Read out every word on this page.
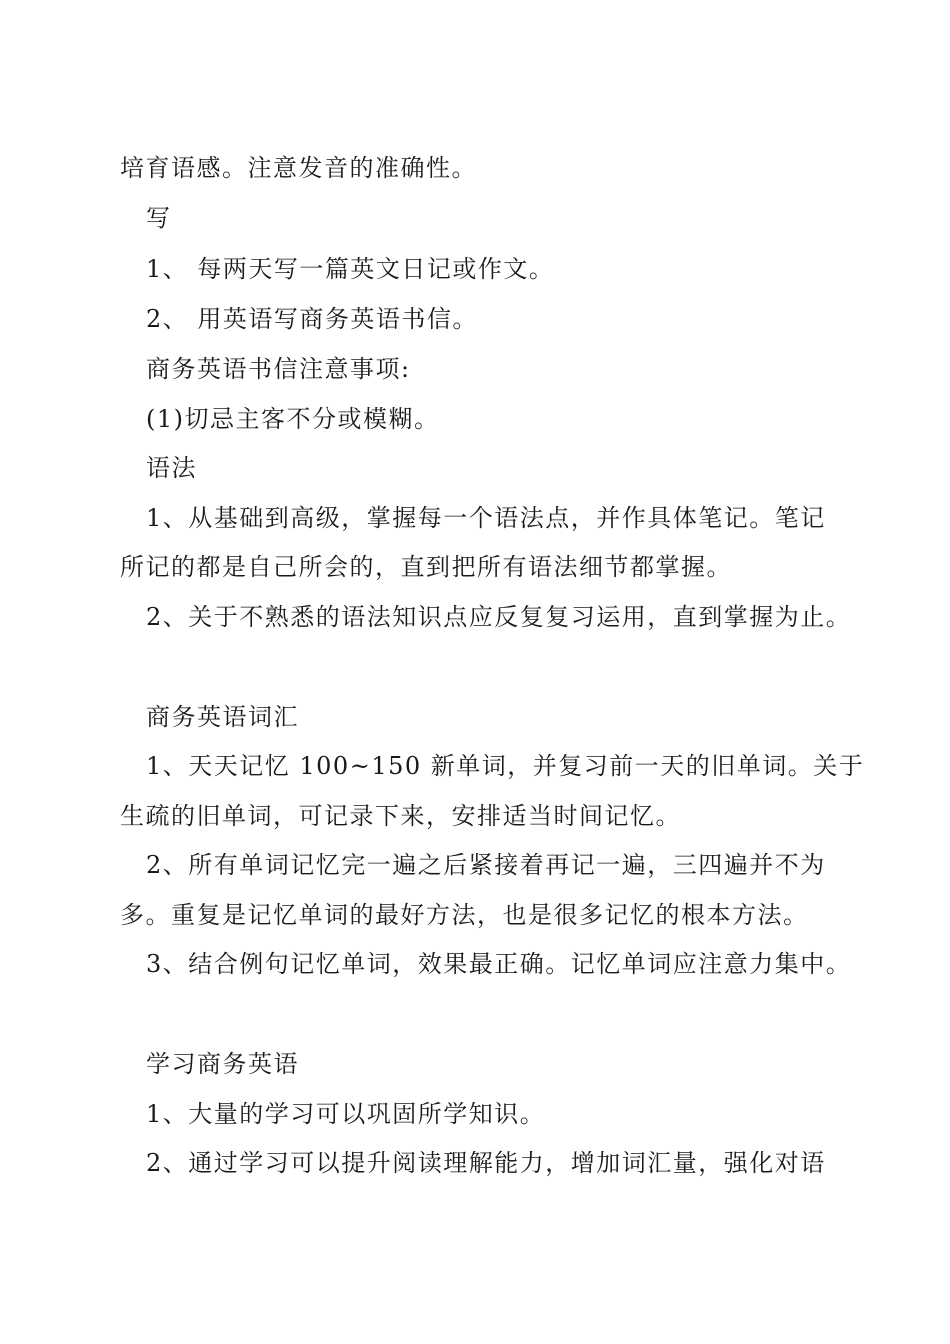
培育语感。注意发音的准确性。
写
1、 每两天写一篇英文日记或作文。
2、 用英语写商务英语书信。
商务英语书信注意事项:
(1)切忌主客不分或模糊。
语法
1、从基础到高级，掌握每一个语法点，并作具体笔记。笔记
所记的都是自己所会的，直到把所有语法细节都掌握。
2、关于不熟悉的语法知识点应反复复习运用，直到掌握为止。
商务英语词汇
1、天天记忆 100~150 新单词，并复习前一天的旧单词。关于
生疏的旧单词，可记录下来，安排适当时间记忆。
2、所有单词记忆完一遍之后紧接着再记一遍，三四遍并不为
多。重复是记忆单词的最好方法，也是很多记忆的根本方法。
3、结合例句记忆单词，效果最正确。记忆单词应注意力集中。
学习商务英语
1、大量的学习可以巩固所学知识。
2、通过学习可以提升阅读理解能力，增加词汇量，强化对语
